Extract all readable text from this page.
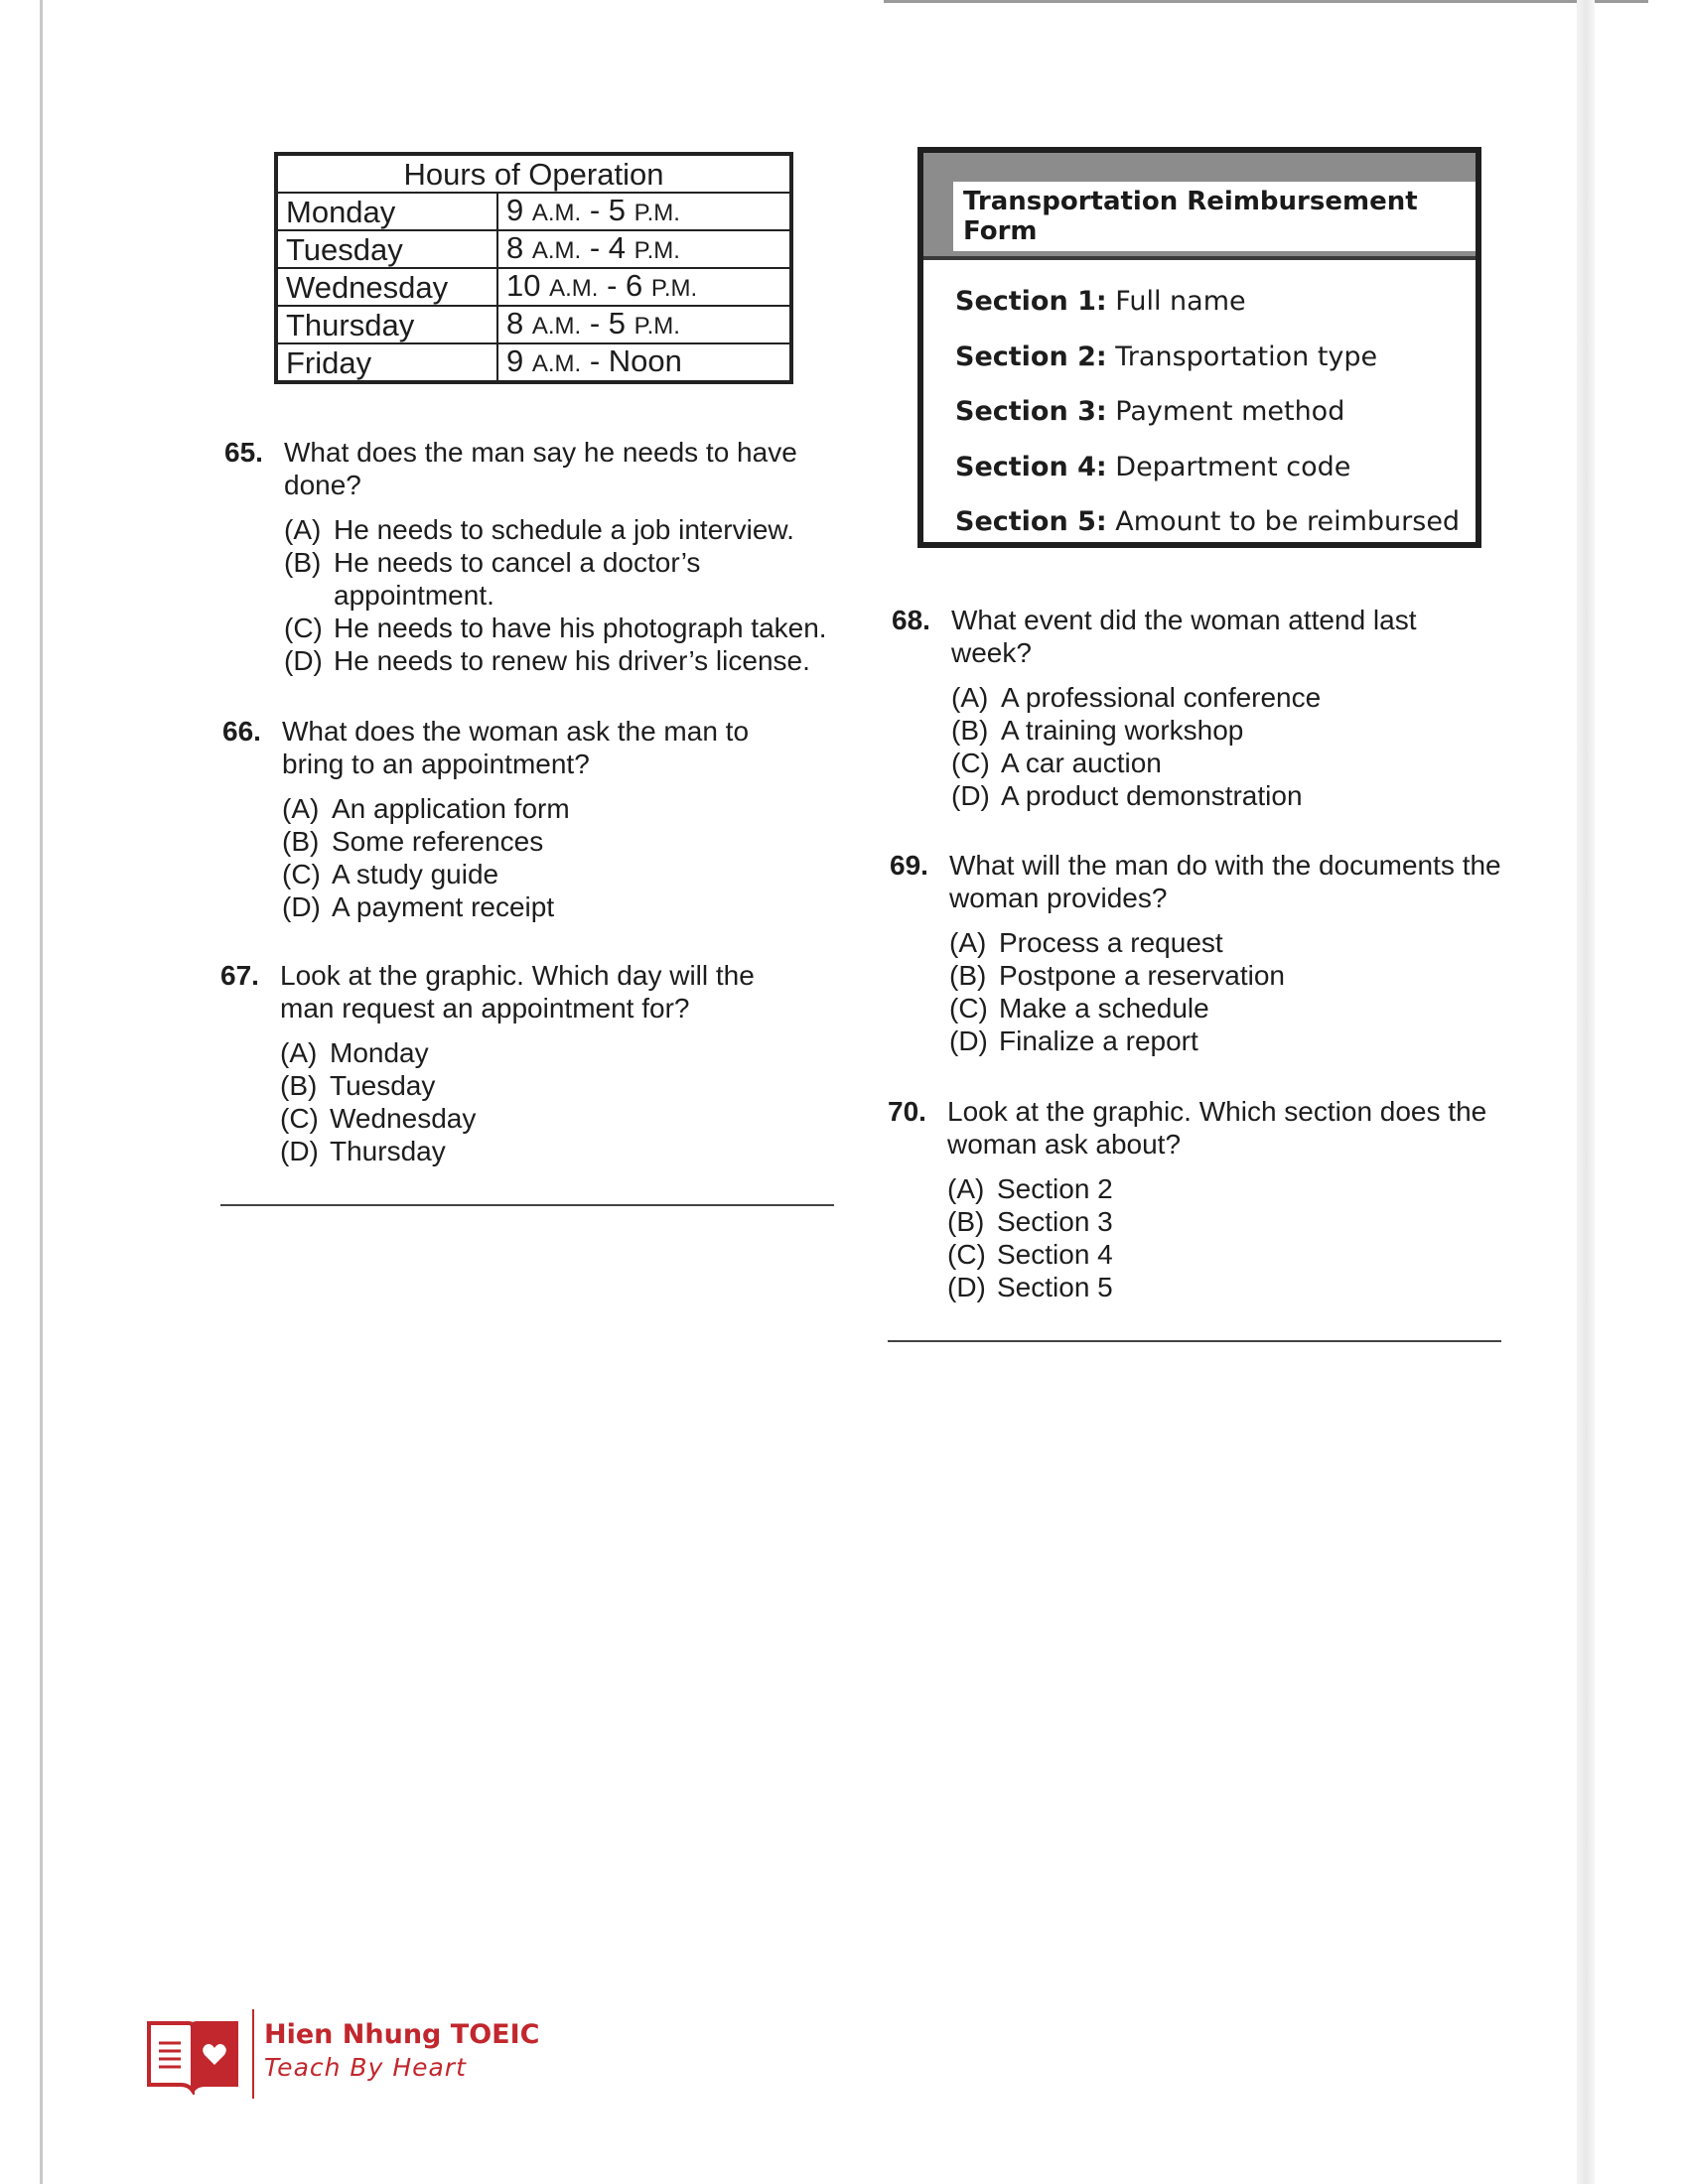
Hours of Operation	
Monday	9 A.M. - 5 P.M.
Tuesday	8 A.M. - 4 P.M.
Wednesday	10 A.M. - 6 P.M.
Thursday	8 A.M. - 5 P.M.
Friday	9 A.M. - Noon
Transportation Reimbursement Form
Section 1: Full name
Section 2: Transportation type
Section 3: Payment method
Section 4: Department code
Section 5: Amount to be reimbursed
65. What does the man say he needs to have done?
(A) He needs to schedule a job interview.
(B) He needs to cancel a doctor’s appointment.
(C) He needs to have his photograph taken.
(D) He needs to renew his driver’s license.
66. What does the woman ask the man to bring to an appointment?
(A) An application form
(B) Some references
(C) A study guide
(D) A payment receipt
67. Look at the graphic. Which day will the man request an appointment for?
(A) Monday
(B) Tuesday
(C) Wednesday
(D) Thursday
68. What event did the woman attend last week?
(A) A professional conference
(B) A training workshop
(C) A car auction
(D) A product demonstration
69. What will the man do with the documents the woman provides?
(A) Process a request
(B) Postpone a reservation
(C) Make a schedule
(D) Finalize a report
70. Look at the graphic. Which section does the woman ask about?
(A) Section 2
(B) Section 3
(C) Section 4
(D) Section 5
Hien Nhung TOEIC
Teach By Heart
